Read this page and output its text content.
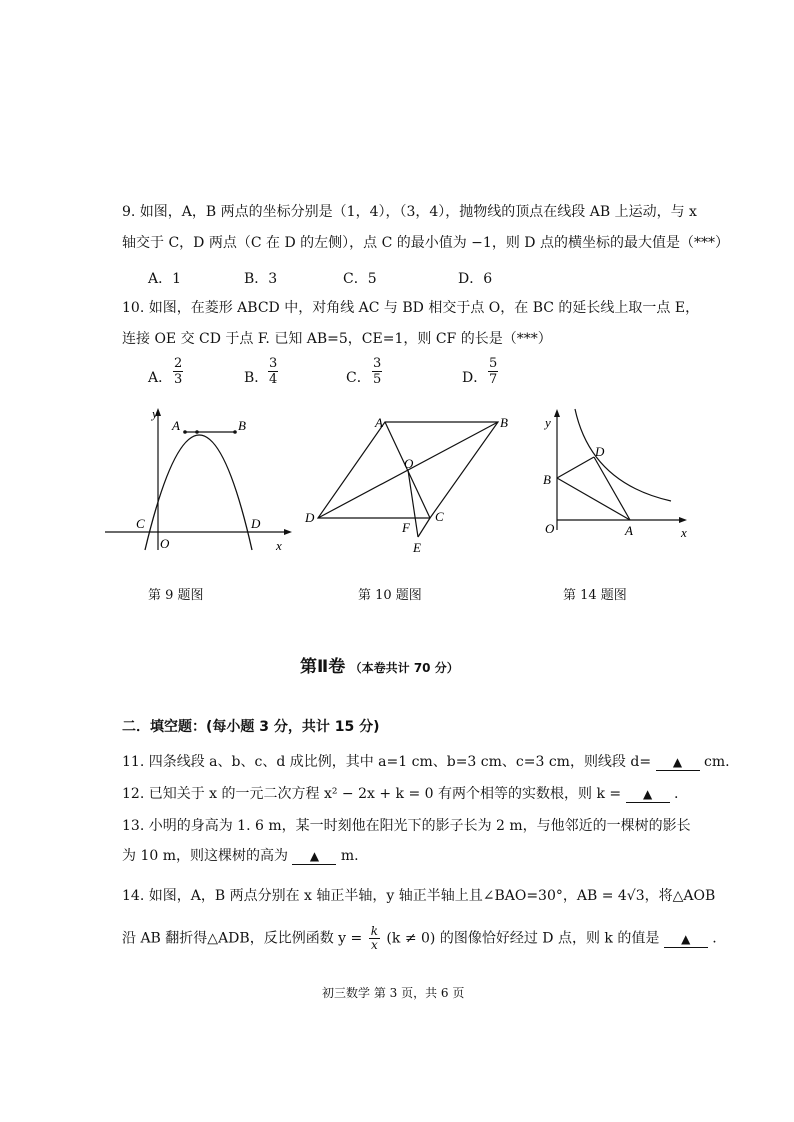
9. 如图，A，B 两点的坐标分别是（1，4），（3，4），抛物线的顶点在线段 AB 上运动，与 x
轴交于 C，D 两点（C 在 D 的左侧），点 C 的最小值为 −1，则 D 点的横坐标的最大值是（***）
A．1	B．3	C．5	D．6
10. 如图，在菱形 ABCD 中，对角线 AC 与 BD 相交于点 O，在 BC 的延长线上取一点 E，
连接 OE 交 CD 于点 F. 已知 AB=5，CE=1，则 CF 的长是（***）
A． $\frac{2}{3}$	B． $\frac{3}{4}$	C． $\frac{3}{5}$	D． $\frac{5}{7}$
y
x
A	B
C	D
O
A	B
O
D
F
C
E
y
x
D
B
O	A
第 9 题图	第 10 题图	第 14 题图
第Ⅱ卷 （本卷共计 70 分）
二．填空题：(每小题 3 分，共计 15 分)
11. 四条线段 a、b、c、d 成比例，其中 a=1 cm、b=3 cm、c=3 cm，则线段 d= ▲ cm.
12. 已知关于 x 的一元二次方程 x² − 2x + k = 0 有两个相等的实数根，则 k = ▲ .
13. 小明的身高为 1. 6 m，某一时刻他在阳光下的影子长为 2 m，与他邻近的一棵树的影长
为 10 m，则这棵树的高为 ▲ m.
14. 如图，A，B 两点分别在 x 轴正半轴，y 轴正半轴上且∠BAO=30°，AB = 4√3，将△AOB
沿 AB 翻折得△ADB，反比例函数 $y = \frac{k}{x} (k \ne 0)$ 的图像恰好经过 D 点，则 k 的值是 ▲ .
初三数学 第 3 页，共 6 页
